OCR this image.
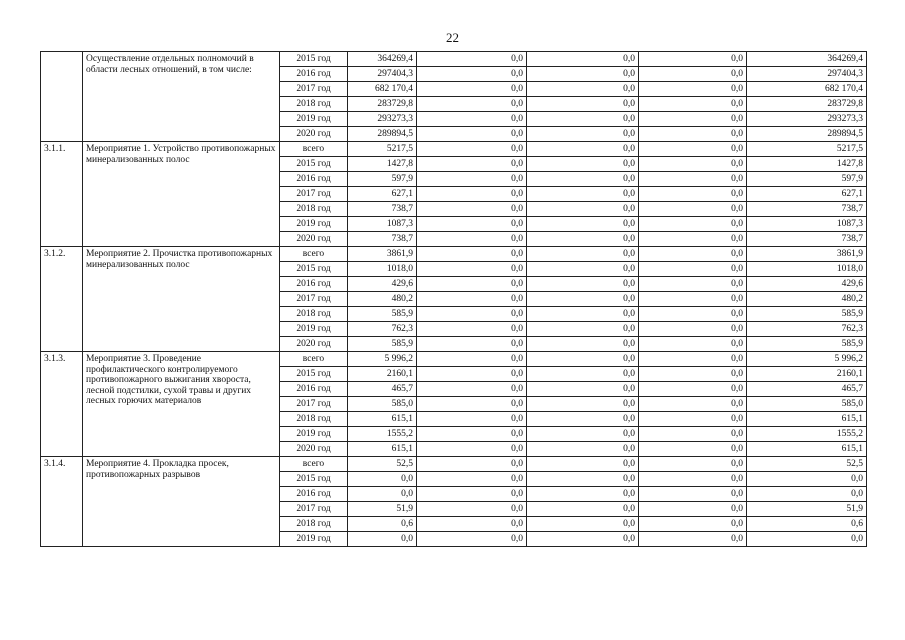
22
	Осуществление отдельных полномочий в области лесных отношений, в том числе:	2015 год	364269,4	0,0	0,0	0,0	364269,4
		2016 год	297404,3	0,0	0,0	0,0	297404,3
		2017 год	682 170,4	0,0	0,0	0,0	682 170,4
		2018 год	283729,8	0,0	0,0	0,0	283729,8
		2019 год	293273,3	0,0	0,0	0,0	293273,3
		2020 год	289894,5	0,0	0,0	0,0	289894,5
3.1.1.	Мероприятие 1. Устройство противопожарных минерализованных полос	всего	5217,5	0,0	0,0	0,0	5217,5
		2015 год	1427,8	0,0	0,0	0,0	1427,8
		2016 год	597,9	0,0	0,0	0,0	597,9
		2017 год	627,1	0,0	0,0	0,0	627,1
		2018 год	738,7	0,0	0,0	0,0	738,7
		2019 год	1087,3	0,0	0,0	0,0	1087,3
		2020 год	738,7	0,0	0,0	0,0	738,7
3.1.2.	Мероприятие 2. Прочистка противопожарных минерализованных полос	всего	3861,9	0,0	0,0	0,0	3861,9
		2015 год	1018,0	0,0	0,0	0,0	1018,0
		2016 год	429,6	0,0	0,0	0,0	429,6
		2017 год	480,2	0,0	0,0	0,0	480,2
		2018 год	585,9	0,0	0,0	0,0	585,9
		2019 год	762,3	0,0	0,0	0,0	762,3
		2020 год	585,9	0,0	0,0	0,0	585,9
3.1.3.	Мероприятие 3. Проведение профилактического контролируемого противопожарного выжигания хвороста, лесной подстилки, сухой травы и других лесных горючих материалов	всего	5 996,2	0,0	0,0	0,0	5 996,2
		2015 год	2160,1	0,0	0,0	0,0	2160,1
		2016 год	465,7	0,0	0,0	0,0	465,7
		2017 год	585,0	0,0	0,0	0,0	585,0
		2018 год	615,1	0,0	0,0	0,0	615,1
		2019 год	1555,2	0,0	0,0	0,0	1555,2
		2020 год	615,1	0,0	0,0	0,0	615,1
3.1.4.	Мероприятие 4. Прокладка просек, противопожарных разрывов	всего	52,5	0,0	0,0	0,0	52,5
		2015 год	0,0	0,0	0,0	0,0	0,0
		2016 год	0,0	0,0	0,0	0,0	0,0
		2017 год	51,9	0,0	0,0	0,0	51,9
		2018 год	0,6	0,0	0,0	0,0	0,6
		2019 год	0,0	0,0	0,0	0,0	0,0
